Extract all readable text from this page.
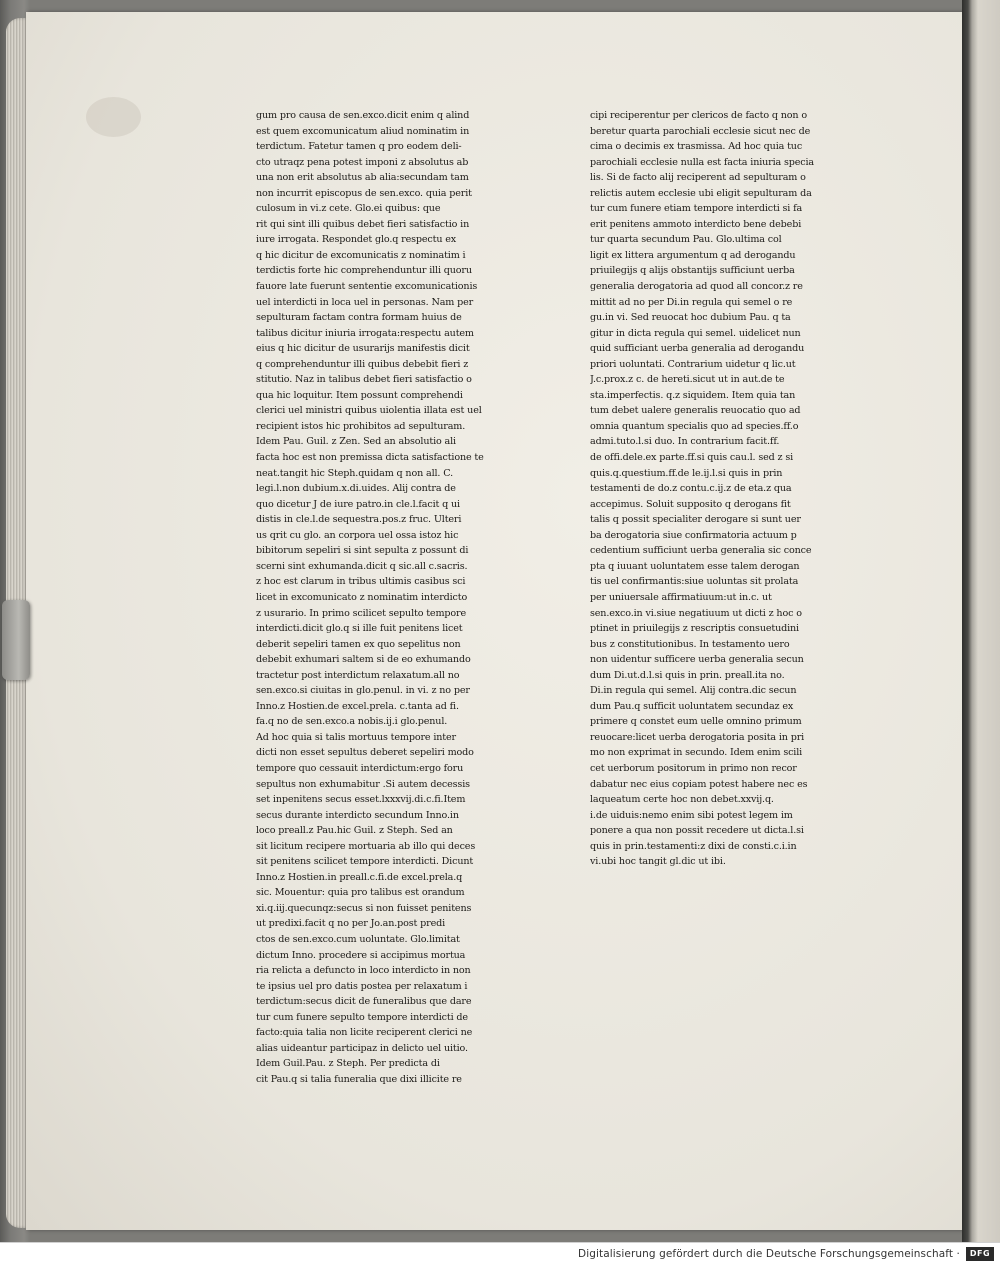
gum pro causa de sen.exco.dicit enim q alind
est quem excomunicatum aliud nominatim in
terdictum. Fatetur tamen q pro eodem deli-
cto utraqz pena potest imponi z absolutus ab
una non erit absolutus ab alia:secundam tam
non incurrit episcopus de sen.exco. quia perit
culosum in vi.z cete. Glo.ei quibus: que
rit qui sint illi quibus debet fieri satisfactio in
iure irrogata. Respondet glo.q respectu ex
q hic dicitur de excomunicatis z nominatim i
terdictis forte hic comprehenduntur illi quoru
fauore late fuerunt sententie excomunicationis
uel interdicti in loca uel in personas. Nam per
sepulturam factam contra formam huius de
talibus dicitur iniuria irrogata:respectu autem
eius q hic dicitur de usurarijs manifestis dicit
q comprehenduntur illi quibus debebit fieri z
stitutio. Naz in talibus debet fieri satisfactio o
qua hic loquitur. Item possunt comprehendi
clerici uel ministri quibus uiolentia illata est uel
recipient istos hic prohibitos ad sepulturam.
Idem Pau. Guil. z Zen. Sed an absolutio ali
facta hoc est non premissa dicta satisfactione te
neat.tangit hic Steph.quidam q non all. C.
legi.l.non dubium.x.di.uides. Alij contra de
quo dicetur J de iure patro.in cle.l.facit q ui
distis in cle.l.de sequestra.pos.z fruc. Ulteri
us qrit cu glo. an corpora uel ossa istoz hic
bibitorum sepeliri si sint sepulta z possunt di
scerni sint exhumanda.dicit q sic.all c.sacris.
z hoc est clarum in tribus ultimis casibus sci
licet in excomunicato z nominatim interdicto
z usurario. In primo scilicet sepulto tempore
interdicti.dicit glo.q si ille fuit penitens licet
deberit sepeliri tamen ex quo sepelitus non
debebit exhumari saltem si de eo exhumando
tractetur post interdictum relaxatum.all no
sen.exco.si ciuitas in glo.penul. in vi. z no per
Inno.z Hostien.de excel.prela. c.tanta ad fi.
fa.q no de sen.exco.a nobis.ij.i glo.penul.
Ad hoc quia si talis mortuus tempore inter
dicti non esset sepultus deberet sepeliri modo
tempore quo cessauit interdictum:ergo foru
sepultus non exhumabitur .Si autem decessis
set inpenitens secus esset.lxxxvij.di.c.fi.Item
secus durante interdicto secundum Inno.in
loco preall.z Pau.hic Guil. z Steph. Sed an
sit licitum recipere mortuaria ab illo qui deces
sit penitens scilicet tempore interdicti. Dicunt
Inno.z Hostien.in preall.c.fi.de excel.prela.q
sic. Mouentur: quia pro talibus est orandum
xi.q.iij.quecunqz:secus si non fuisset penitens
ut predixi.facit q no per Jo.an.post predi
ctos de sen.exco.cum uoluntate. Glo.limitat
dictum Inno. procedere si accipimus mortua
ria relicta a defuncto in loco interdicto in non
te ipsius uel pro datis postea per relaxatum i
terdictum:secus dicit de funeralibus que dare
tur cum funere sepulto tempore interdicti de
facto:quia talia non licite reciperent clerici ne
alias uideantur participaz in delicto uel uitio.
Idem Guil.Pau. z Steph. Per predicta di
cit Pau.q si talia funeralia que dixi illicite re
cipi reciperentur per clericos de facto q non o
beretur quarta parochiali ecclesie sicut nec de
cima o decimis ex trasmissa. Ad hoc quia tuc
parochiali ecclesie nulla est facta iniuria specia
lis. Si de facto alij reciperent ad sepulturam o
relictis autem ecclesie ubi eligit sepulturam da
tur cum funere etiam tempore interdicti si fa
erit penitens ammoto interdicto bene debebi
tur quarta secundum Pau. Glo.ultima col
ligit ex littera argumentum q ad derogandu
priuilegijs q alijs obstantijs sufficiunt uerba
generalia derogatoria ad quod all concor.z re
mittit ad no per Di.in regula qui semel o re
gu.in vi. Sed reuocat hoc dubium Pau. q ta
gitur in dicta regula qui semel. uidelicet nun
quid sufficiant uerba generalia ad derogandu
priori uoluntati. Contrarium uidetur q lic.ut
J.c.prox.z c. de hereti.sicut ut in aut.de te
sta.imperfectis. q.z siquidem. Item quia tan
tum debet ualere generalis reuocatio quo ad
omnia quantum specialis quo ad species.ff.o
admi.tuto.l.si duo. In contrarium facit.ff.
de offi.dele.ex parte.ff.si quis cau.l. sed z si
quis.q.questium.ff.de le.ij.l.si quis in prin
testamenti de do.z contu.c.ij.z de eta.z qua
accepimus. Soluit supposito q derogans fit
talis q possit specialiter derogare si sunt uer
ba derogatoria siue confirmatoria actuum p
cedentium sufficiunt uerba generalia sic conce
pta q iuuant uoluntatem esse talem derogan
tis uel confirmantis:siue uoluntas sit prolata
per uniuersale affirmatiuum:ut in.c. ut
sen.exco.in vi.siue negatiuum ut dicti z hoc o
ptinet in priuilegijs z rescriptis consuetudini
bus z constitutionibus. In testamento uero
non uidentur sufficere uerba generalia secun
dum Di.ut.d.l.si quis in prin. preall.ita no.
Di.in regula qui semel. Alij contra.dic secun
dum Pau.q sufficit uoluntatem secundaz ex
primere q constet eum uelle omnino primum
reuocare:licet uerba derogatoria posita in pri
mo non exprimat in secundo. Idem enim scili
cet uerborum positorum in primo non recor
dabatur nec eius copiam potest habere nec es
laqueatum certe hoc non debet.xxvij.q.
i.de uiduis:nemo enim sibi potest legem im
ponere a qua non possit recedere ut dicta.l.si
quis in prin.testamenti:z dixi de consti.c.i.in
vi.ubi hoc tangit gl.dic ut ibi.
Digitalisierung gefördert durch die Deutsche Forschungsgemeinschaft ·	DFG
